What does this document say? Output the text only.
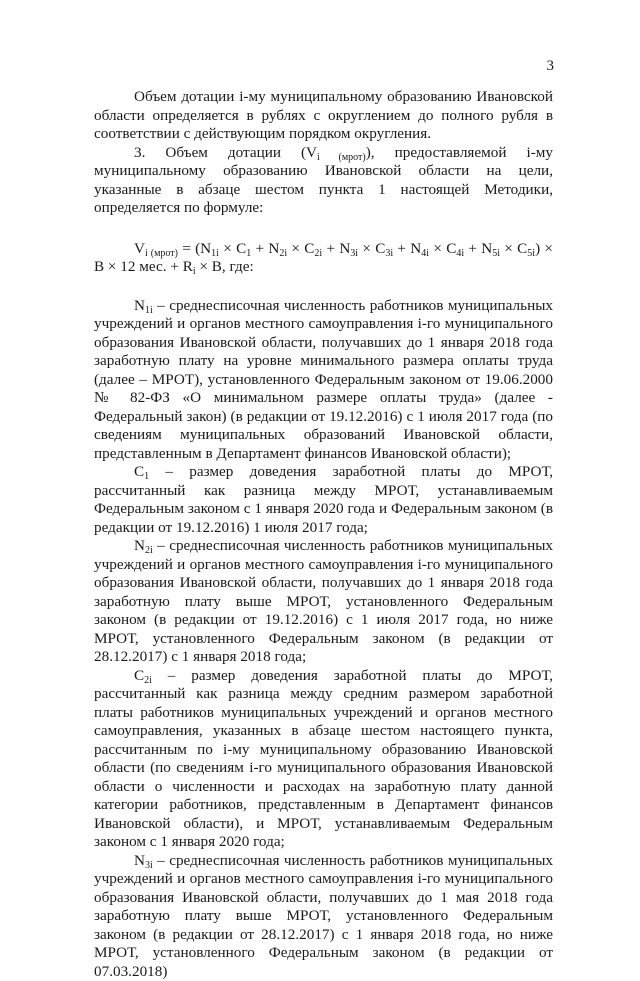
3

Объем дотации i-му муниципальному образованию Ивановской области определяется в рублях с округлением до полного рубля в соответствии с действующим порядком округления.

3. Объем дотации $(V_{i (мрот)})$, предоставляемой i-му муниципальному образованию Ивановской области на цели, указанные в абзаце шестом пункта 1 настоящей Методики, определяется по формуле:

$V_{i (мрот)} = (N_{1i} \times C_1 + N_{2i} \times C_{2i} + N_{3i} \times C_{3i} + N_{4i} \times C_{4i} + N_{5i} \times C_{5i}) \times B \times 12$ мес. + $R_i \times B$, где:

$N_{1i}$ – среднесписочная численность работников муниципальных учреждений и органов местного самоуправления i-го муниципального образования Ивановской области, получавших до 1 января 2018 года заработную плату на уровне минимального размера оплаты труда (далее – МРОТ), установленного Федеральным законом от 19.06.2000 № 82-ФЗ «О минимальном размере оплаты труда» (далее - Федеральный закон) (в редакции от 19.12.2016) с 1 июля 2017 года (по сведениям муниципальных образований Ивановской области, представленным в Департамент финансов Ивановской области);

$C_1$ – размер доведения заработной платы до МРОТ, рассчитанный как разница между МРОТ, устанавливаемым Федеральным законом с 1 января 2020 года и Федеральным законом (в редакции от 19.12.2016) 1 июля 2017 года;

$N_{2i}$ – среднесписочная численность работников муниципальных учреждений и органов местного самоуправления i-го муниципального образования Ивановской области, получавших до 1 января 2018 года заработную плату выше МРОТ, установленного Федеральным законом (в редакции от 19.12.2016) с 1 июля 2017 года, но ниже МРОТ, установленного Федеральным законом (в редакции от 28.12.2017) с 1 января 2018 года;

$C_{2i}$ – размер доведения заработной платы до МРОТ, рассчитанный как разница между средним размером заработной платы работников муниципальных учреждений и органов местного самоуправления, указанных в абзаце шестом настоящего пункта, рассчитанным по i-му муниципальному образованию Ивановской области (по сведениям i-го муниципального образования Ивановской области о численности и расходах на заработную плату данной категории работников, представленным в Департамент финансов Ивановской области), и МРОТ, устанавливаемым Федеральным законом с 1 января 2020 года;

$N_{3i}$ – среднесписочная численность работников муниципальных учреждений и органов местного самоуправления i-го муниципального образования Ивановской области, получавших до 1 мая 2018 года заработную плату выше МРОТ, установленного Федеральным законом (в редакции от 28.12.2017) с 1 января 2018 года, но ниже МРОТ, установленного Федеральным законом (в редакции от 07.03.2018)
